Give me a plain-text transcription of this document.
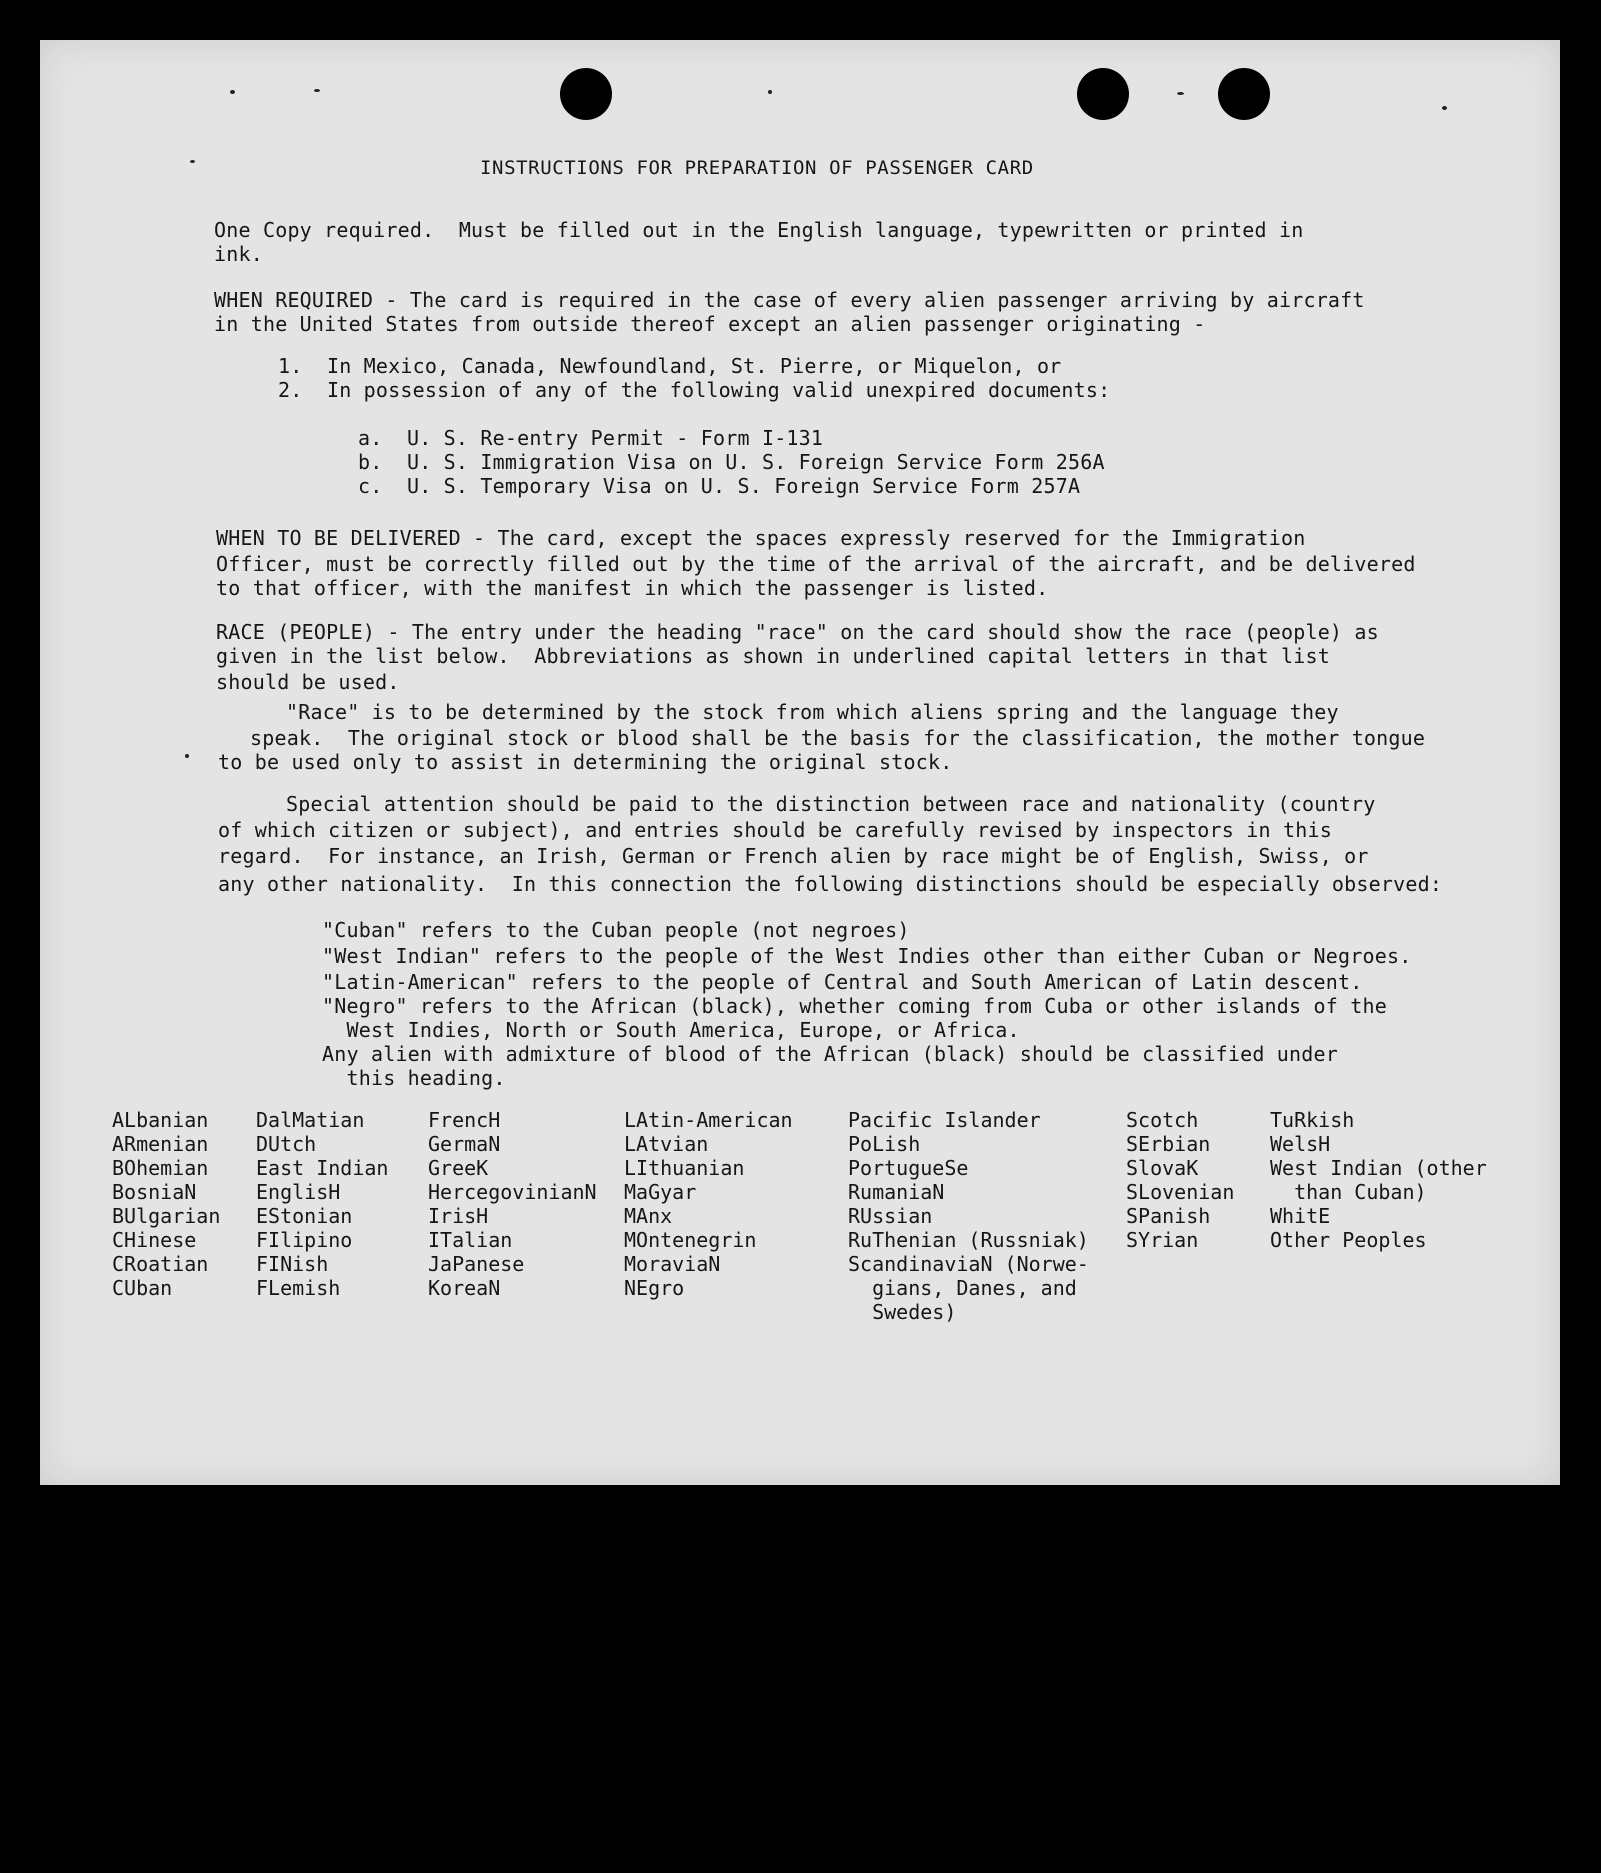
INSTRUCTIONS FOR PREPARATION OF PASSENGER CARD
One Copy required.  Must be filled out in the English language, typewritten or printed in
ink.
WHEN REQUIRED - The card is required in the case of every alien passenger arriving by aircraft
in the United States from outside thereof except an alien passenger originating -
1.  In Mexico, Canada, Newfoundland, St. Pierre, or Miquelon, or
2.  In possession of any of the following valid unexpired documents:
a.  U. S. Re-entry Permit - Form I-131
b.  U. S. Immigration Visa on U. S. Foreign Service Form 256A
c.  U. S. Temporary Visa on U. S. Foreign Service Form 257A
WHEN TO BE DELIVERED - The card, except the spaces expressly reserved for the Immigration
Officer, must be correctly filled out by the time of the arrival of the aircraft, and be delivered
to that officer, with the manifest in which the passenger is listed.
RACE (PEOPLE) - The entry under the heading "race" on the card should show the race (people) as
given in the list below.  Abbreviations as shown in underlined capital letters in that list
should be used.
"Race" is to be determined by the stock from which aliens spring and the language they
speak.  The original stock or blood shall be the basis for the classification, the mother tongue
to be used only to assist in determining the original stock.
Special attention should be paid to the distinction between race and nationality (country
of which citizen or subject), and entries should be carefully revised by inspectors in this
regard.  For instance, an Irish, German or French alien by race might be of English, Swiss, or
any other nationality.  In this connection the following distinctions should be especially observed:
"Cuban" refers to the Cuban people (not negroes)
"West Indian" refers to the people of the West Indies other than either Cuban or Negroes.
"Latin-American" refers to the people of Central and South American of Latin descent.
"Negro" refers to the African (black), whether coming from Cuba or other islands of the
West Indies, North or South America, Europe, or Africa.
Any alien with admixture of blood of the African (black) should be classified under
this heading.
ALbanian
ARmenian
BOhemian
BosniaN
BUlgarian
CHinese
CRoatian
CUban
DalMatian
DUtch
East Indian
EnglisH
EStonian
FIlipino
FINish
FLemish
FrencH
GermaN
GreeK
HercegovinianN
IrisH
ITalian
JaPanese
KoreaN
LAtin-American
LAtvian
LIthuanian
MaGyar
MAnx
MOntenegrin
MoraviaN
NEgro
Pacific Islander
PoLish
PortugueSe
RumaniaN
RUssian
RuThenian (Russniak)
ScandinaviaN (Norwe-
gians, Danes, and
Swedes)
Scotch
SErbian
SlovaK
SLovenian
SPanish
SYrian
TuRkish
WelsH
West Indian (other
than Cuban)
WhitE
Other Peoples
